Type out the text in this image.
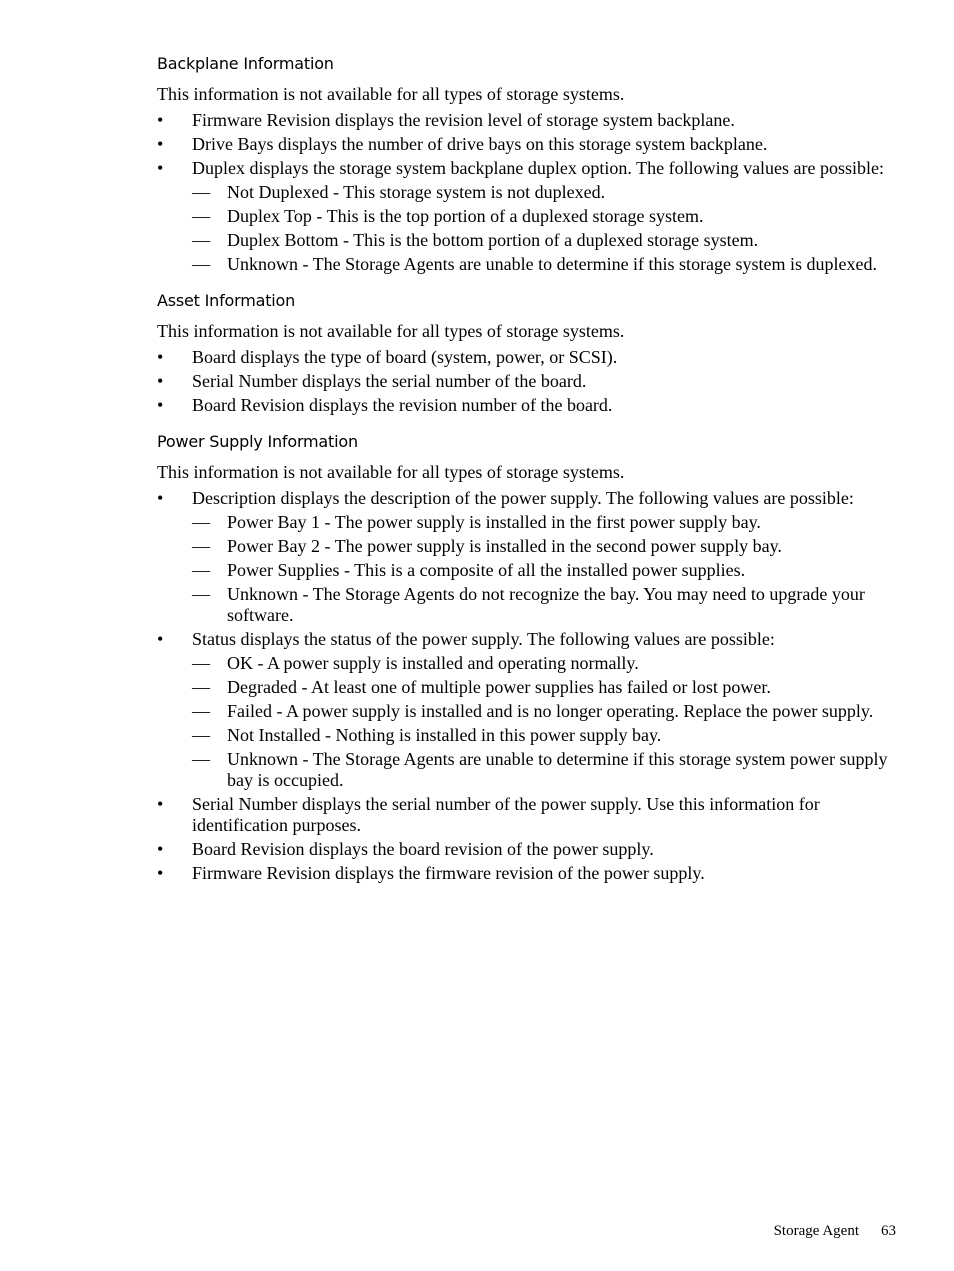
Backplane Information

This information is not available for all types of storage systems.

•	Firmware Revision displays the revision level of storage system backplane.
•	Drive Bays displays the number of drive bays on this storage system backplane.
•	Duplex displays the storage system backplane duplex option. The following values are possible:
— Not Duplexed - This storage system is not duplexed.
— Duplex Top - This is the top portion of a duplexed storage system.
— Duplex Bottom - This is the bottom portion of a duplexed storage system.
— Unknown - The Storage Agents are unable to determine if this storage system is duplexed.
Asset Information

This information is not available for all types of storage systems.

•	Board displays the type of board (system, power, or SCSI).
•	Serial Number displays the serial number of the board.
•	Board Revision displays the revision number of the board.
Power Supply Information

This information is not available for all types of storage systems.

•	Description displays the description of the power supply. The following values are possible:
— Power Bay 1 - The power supply is installed in the first power supply bay.
— Power Bay 2 - The power supply is installed in the second power supply bay.
— Power Supplies - This is a composite of all the installed power supplies.
— Unknown - The Storage Agents do not recognize the bay. You may need to upgrade your software.
•	Status displays the status of the power supply. The following values are possible:
— OK - A power supply is installed and operating normally.
— Degraded - At least one of multiple power supplies has failed or lost power.
— Failed - A power supply is installed and is no longer operating. Replace the power supply.
— Not Installed - Nothing is installed in this power supply bay.
— Unknown - The Storage Agents are unable to determine if this storage system power supply bay is occupied.
•	Serial Number displays the serial number of the power supply. Use this information for identification purposes.
•	Board Revision displays the board revision of the power supply.
•	Firmware Revision displays the firmware revision of the power supply.
Storage Agent 63
